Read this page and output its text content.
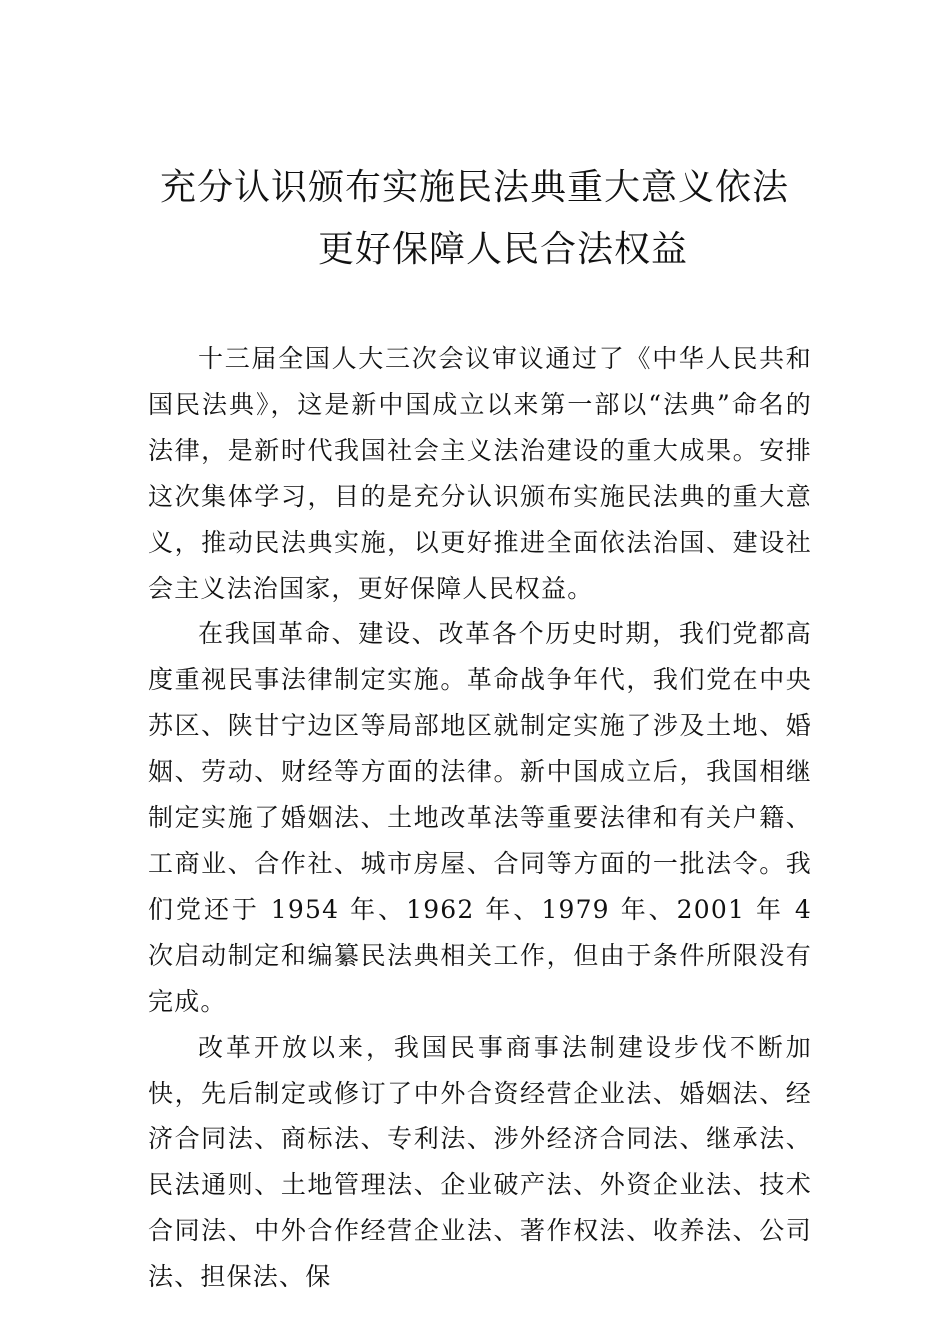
充分认识颁布实施民法典重大意义依法
更好保障人民合法权益

十三届全国人大三次会议审议通过了《中华人民共和国民法典》，这是新中国成立以来第一部以“法典”命名的法律，是新时代我国社会主义法治建设的重大成果。安排这次集体学习，目的是充分认识颁布实施民法典的重大意义，推动民法典实施，以更好推进全面依法治国、建设社会主义法治国家，更好保障人民权益。

在我国革命、建设、改革各个历史时期，我们党都高度重视民事法律制定实施。革命战争年代，我们党在中央苏区、陕甘宁边区等局部地区就制定实施了涉及土地、婚姻、劳动、财经等方面的法律。新中国成立后，我国相继制定实施了婚姻法、土地改革法等重要法律和有关户籍、工商业、合作社、城市房屋、合同等方面的一批法令。我们党还于 1954 年、1962 年、1979 年、2001 年 4 次启动制定和编纂民法典相关工作，但由于条件所限没有完成。

改革开放以来，我国民事商事法制建设步伐不断加快，先后制定或修订了中外合资经营企业法、婚姻法、经济合同法、商标法、专利法、涉外经济合同法、继承法、民法通则、土地管理法、企业破产法、外资企业法、技术合同法、中外合作经营企业法、著作权法、收养法、公司法、担保法、保
